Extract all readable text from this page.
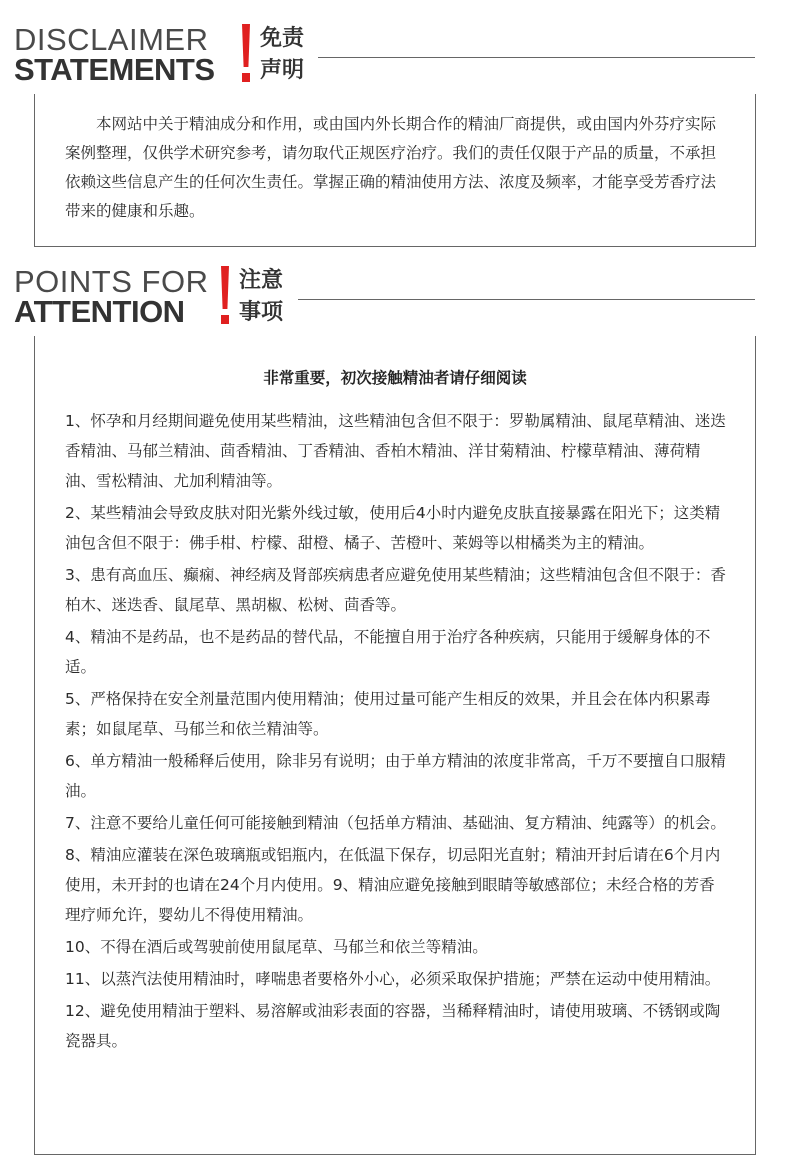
DISCLAIMER
STATEMENTS
免责
声明
本网站中关于精油成分和作用，或由国内外长期合作的精油厂商提供，或由国内外芬疗实际案例整理，仅供学术研究参考，请勿取代正规医疗治疗。我们的责任仅限于产品的质量，不承担依赖这些信息产生的任何次生责任。掌握正确的精油使用方法、浓度及频率，才能享受芳香疗法带来的健康和乐趣。
POINTS FOR
ATTENTION
注意
事项
非常重要，初次接触精油者请仔细阅读
1、怀孕和月经期间避免使用某些精油，这些精油包含但不限于：罗勒属精油、鼠尾草精油、迷迭香精油、马郁兰精油、茴香精油、丁香精油、香柏木精油、洋甘菊精油、柠檬草精油、薄荷精油、雪松精油、尤加利精油等。
2、某些精油会导致皮肤对阳光紫外线过敏，使用后4小时内避免皮肤直接暴露在阳光下；这类精油包含但不限于：佛手柑、柠檬、甜橙、橘子、苦橙叶、莱姆等以柑橘类为主的精油。
3、患有高血压、癫痫、神经病及肾部疾病患者应避免使用某些精油；这些精油包含但不限于：香柏木、迷迭香、鼠尾草、黑胡椒、松树、茴香等。
4、精油不是药品，也不是药品的替代品，不能擅自用于治疗各种疾病，只能用于缓解身体的不适。
5、严格保持在安全剂量范围内使用精油；使用过量可能产生相反的效果，并且会在体内积累毒素；如鼠尾草、马郁兰和依兰精油等。
6、单方精油一般稀释后使用，除非另有说明；由于单方精油的浓度非常高，千万不要擅自口服精油。
7、注意不要给儿童任何可能接触到精油（包括单方精油、基础油、复方精油、纯露等）的机会。
8、精油应灌装在深色玻璃瓶或铝瓶内，在低温下保存，切忌阳光直射；精油开封后请在6个月内使用，未开封的也请在24个月内使用。9、精油应避免接触到眼睛等敏感部位；未经合格的芳香理疗师允许，婴幼儿不得使用精油。
10、不得在酒后或驾驶前使用鼠尾草、马郁兰和依兰等精油。
11、以蒸汽法使用精油时，哮喘患者要格外小心，必须采取保护措施；严禁在运动中使用精油。
12、避免使用精油于塑料、易溶解或油彩表面的容器，当稀释精油时，请使用玻璃、不锈钢或陶瓷器具。
